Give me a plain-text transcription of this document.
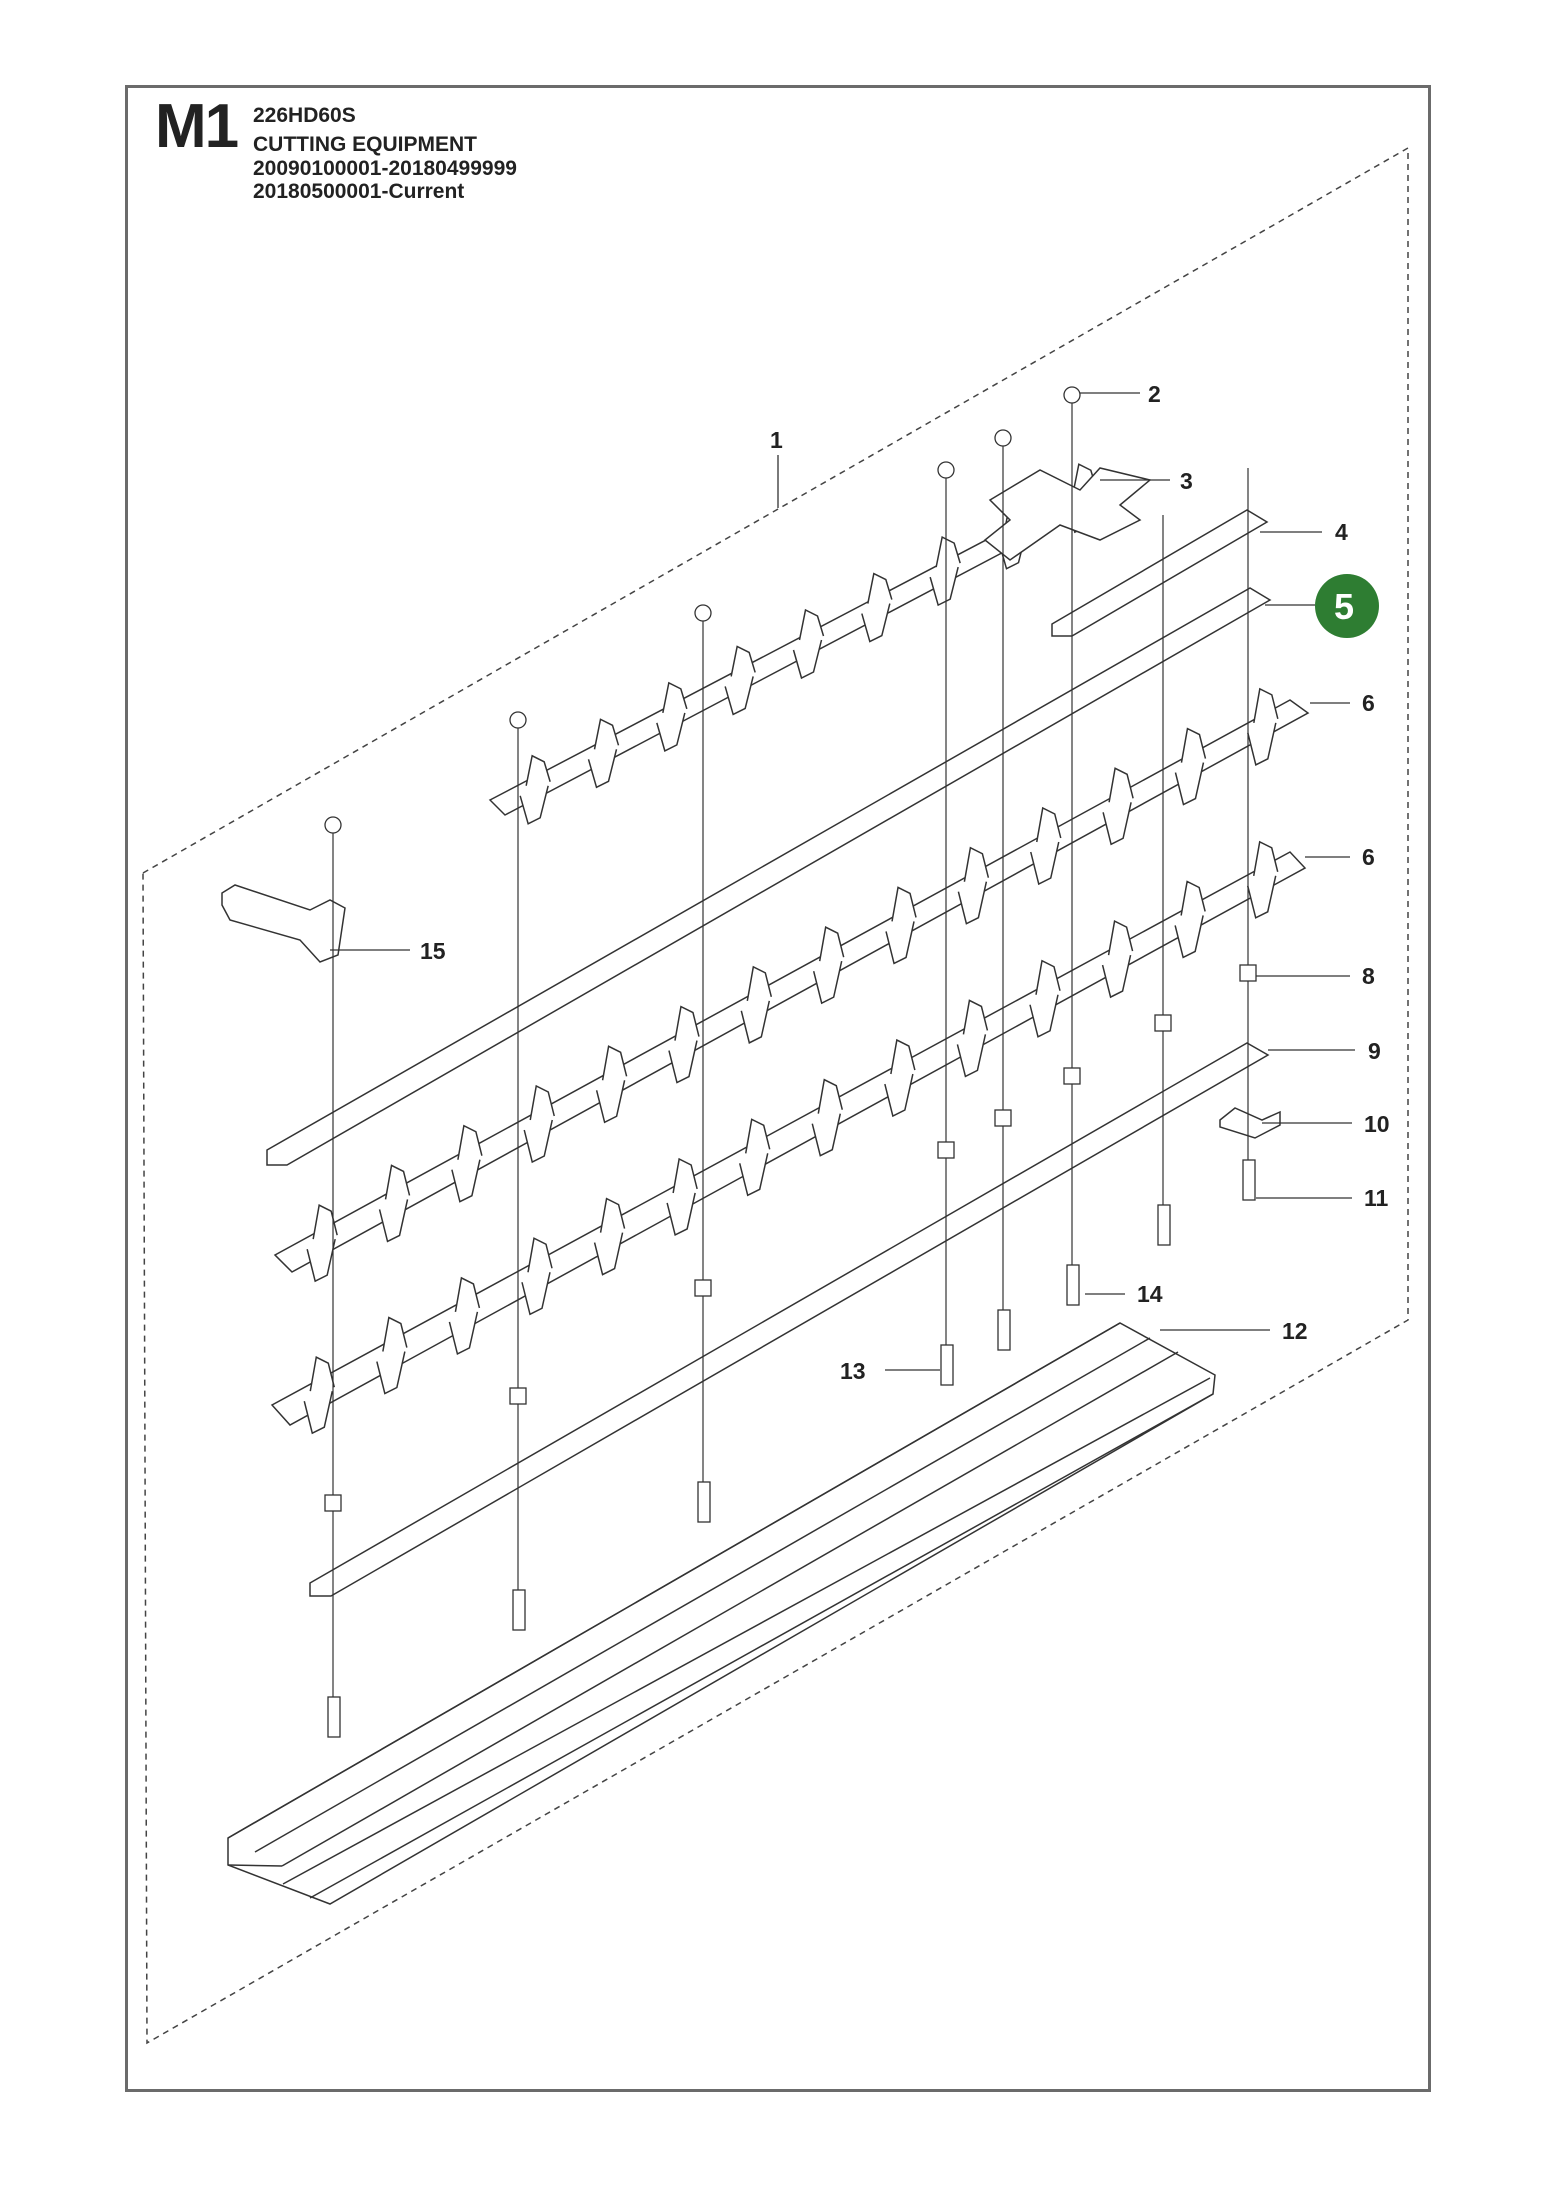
M1 226HD60S
CUTTING EQUIPMENT
20090100001-20180499999
20180500001-Current
1
2
3
4
6
6
8
9
10
11
12
13
14
15
5
